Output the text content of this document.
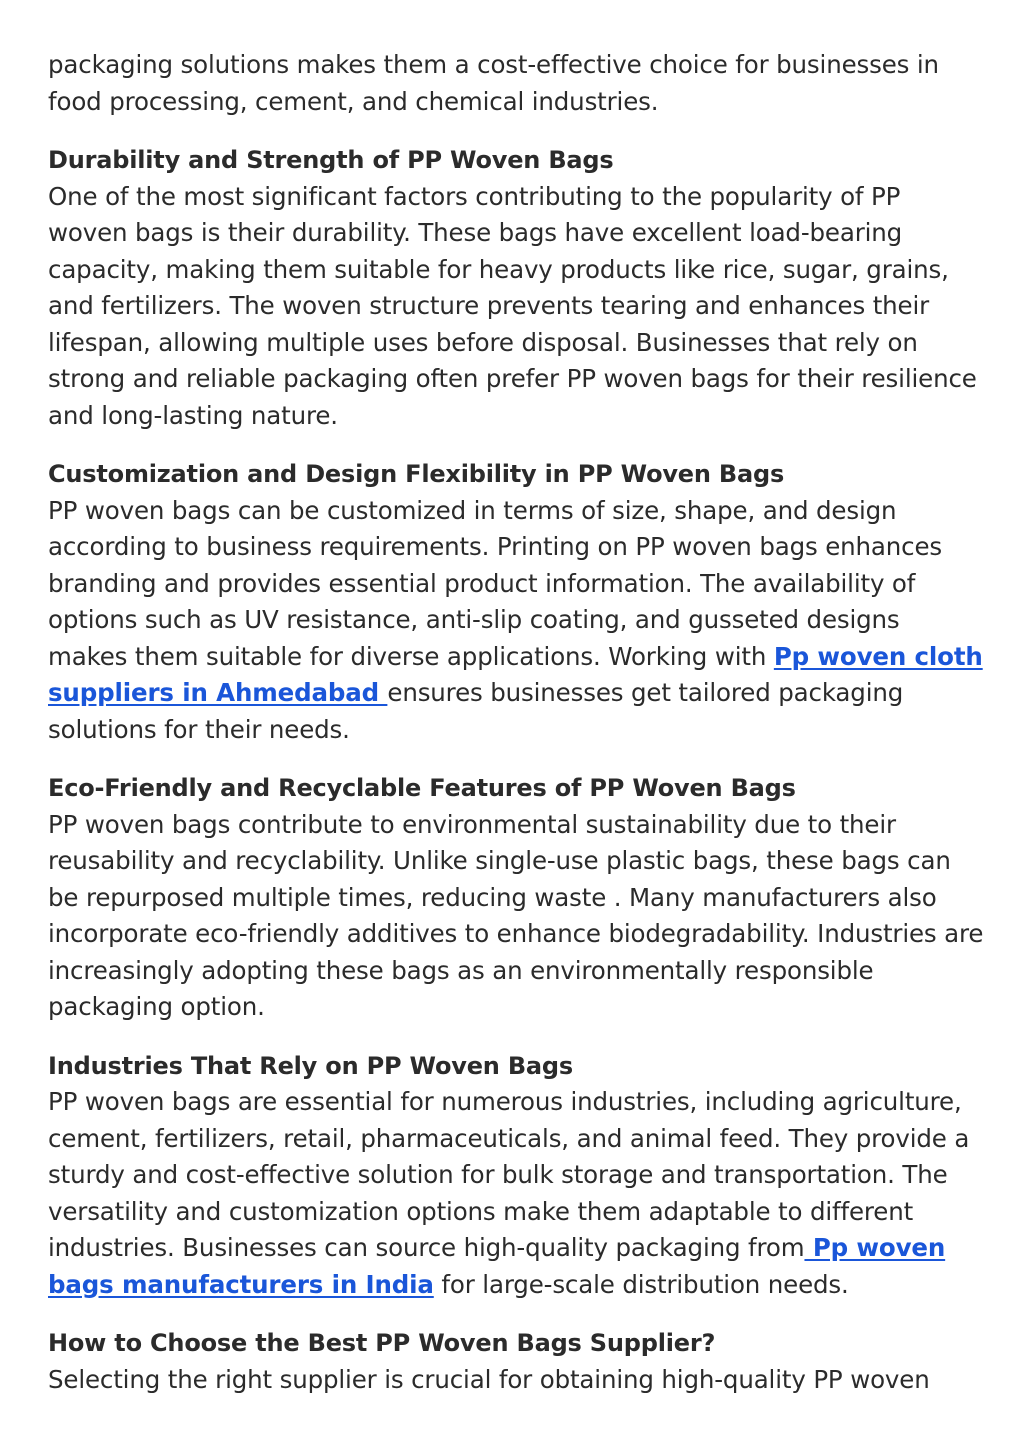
packaging solutions makes them a cost-effective choice for businesses in food processing, cement, and chemical industries.

Durability and Strength of PP Woven Bags

One of the most significant factors contributing to the popularity of PP woven bags is their durability. These bags have excellent load-bearing capacity, making them suitable for heavy products like rice, sugar, grains, and fertilizers. The woven structure prevents tearing and enhances their lifespan, allowing multiple uses before disposal. Businesses that rely on strong and reliable packaging often prefer PP woven bags for their resilience and long-lasting nature.

Customization and Design Flexibility in PP Woven Bags

PP woven bags can be customized in terms of size, shape, and design according to business requirements. Printing on PP woven bags enhances branding and provides essential product information. The availability of options such as UV resistance, anti-slip coating, and gusseted designs makes them suitable for diverse applications. Working with Pp woven cloth suppliers in Ahmedabad ensures businesses get tailored packaging solutions for their needs.

Eco-Friendly and Recyclable Features of PP Woven Bags

PP woven bags contribute to environmental sustainability due to their reusability and recyclability. Unlike single-use plastic bags, these bags can be repurposed multiple times, reducing waste . Many manufacturers also incorporate eco-friendly additives to enhance biodegradability. Industries are increasingly adopting these bags as an environmentally responsible packaging option.

Industries That Rely on PP Woven Bags

PP woven bags are essential for numerous industries, including agriculture, cement, fertilizers, retail, pharmaceuticals, and animal feed. They provide a sturdy and cost-effective solution for bulk storage and transportation. The versatility and customization options make them adaptable to different industries. Businesses can source high-quality packaging from Pp woven bags manufacturers in India for large-scale distribution needs.

How to Choose the Best PP Woven Bags Supplier?

Selecting the right supplier is crucial for obtaining high-quality PP woven
